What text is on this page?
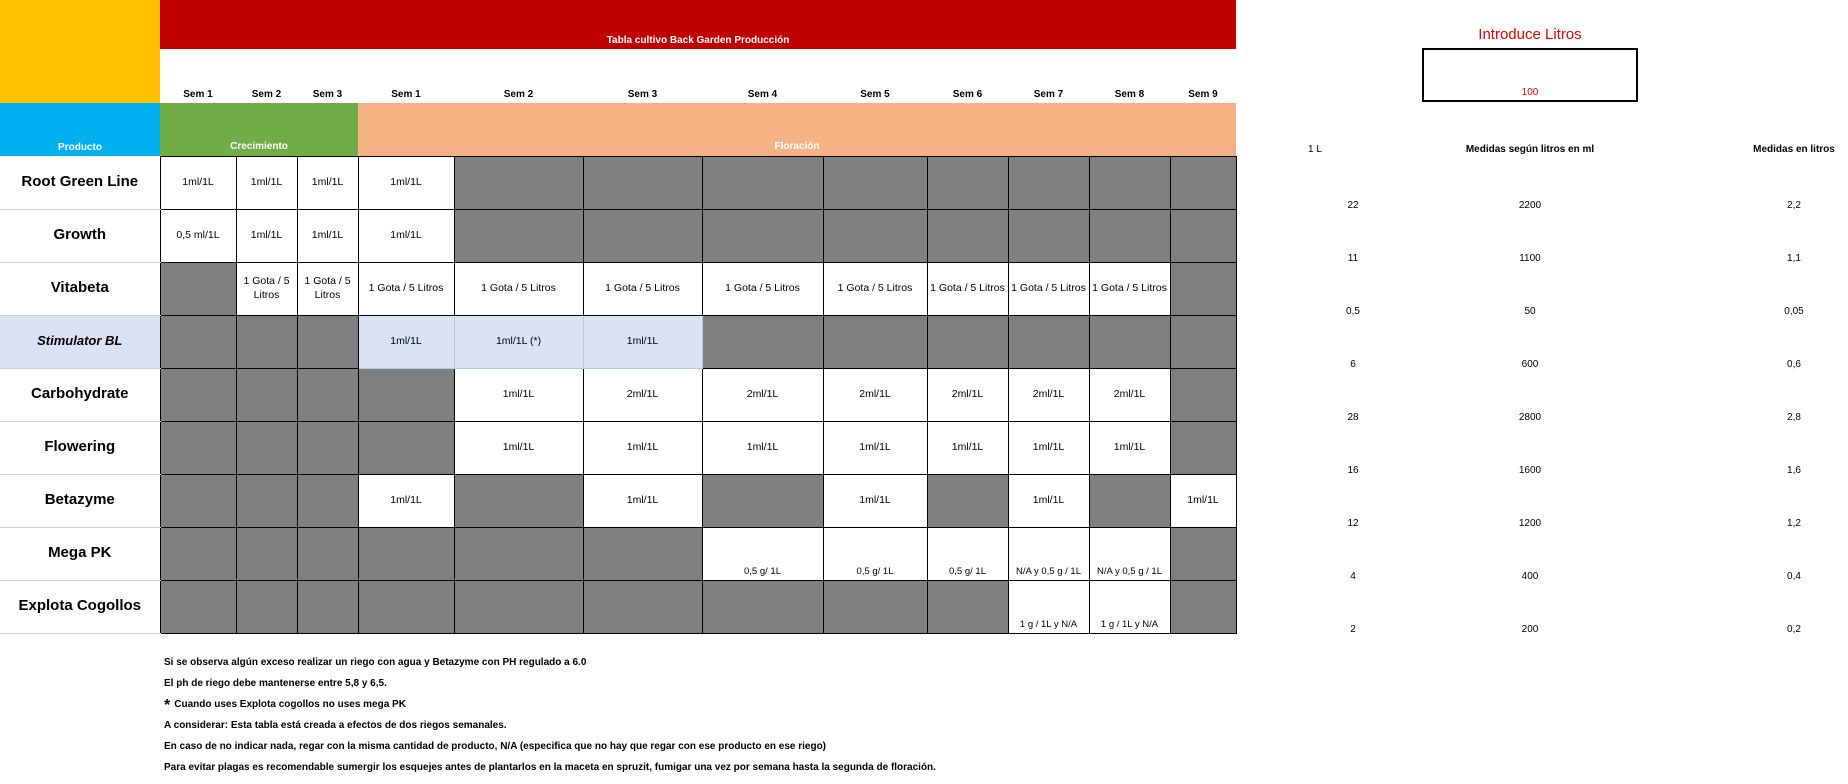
	Tabla cultivo Back Garden Producción											
	Sem 1	Sem 2	Sem 3	Sem 1	Sem 2	Sem 3	Sem 4	Sem 5	Sem 6	Sem 7	Sem 8	Sem 9
Producto	Crecimiento			Floración								
Root Green Line	1ml/1L	1ml/1L	1ml/1L	1ml/1L								
Growth	0,5 ml/1L	1ml/1L	1ml/1L	1ml/1L								
Vitabeta		1 Gota / 5 Litros	1 Gota / 5 Litros	1 Gota / 5 Litros	1 Gota / 5 Litros	1 Gota / 5 Litros	1 Gota / 5 Litros	1 Gota / 5 Litros	1 Gota / 5 Litros	1 Gota / 5 Litros	1 Gota / 5 Litros	
Stimulator BL				1ml/1L	1ml/1L (*)	1ml/1L						
Carbohydrate					1ml/1L	2ml/1L	2ml/1L	2ml/1L	2ml/1L	2ml/1L	2ml/1L	
Flowering					1ml/1L	1ml/1L	1ml/1L	1ml/1L	1ml/1L	1ml/1L	1ml/1L	
Betazyme				1ml/1L		1ml/1L		1ml/1L		1ml/1L		1ml/1L
Mega PK							0,5 g/ 1L	0,5 g/ 1L	0,5 g/ 1L	N/A y 0,5 g / 1L	N/A y 0,5 g / 1L	
Explota Cogollos										1 g / 1L y N/A	1 g / 1L y N/A	
Introduce Litros
100
1 L	Medidas según litros en ml	Medidas en litros
22	2200	2,2
11	1100	1,1
0,5	50	0,05
6	600	0,6
28	2800	2,8
16	1600	1,6
12	1200	1,2
4	400	0,4
2	200	0,2
Si se observa algún exceso realizar un riego con agua y Betazyme con PH regulado a 6.0
El ph de riego debe mantenerse entre 5,8 y 6,5.
* Cuando uses Explota cogollos no uses mega PK
A considerar: Esta tabla está creada a efectos de dos riegos semanales.
En caso de no indicar nada, regar con la misma cantidad de producto, N/A (especifica que no hay que regar con ese producto en ese riego)
Para evitar plagas es recomendable sumergir los esquejes antes de plantarlos en la maceta en spruzit, fumigar una vez por semana hasta la segunda de floración.
